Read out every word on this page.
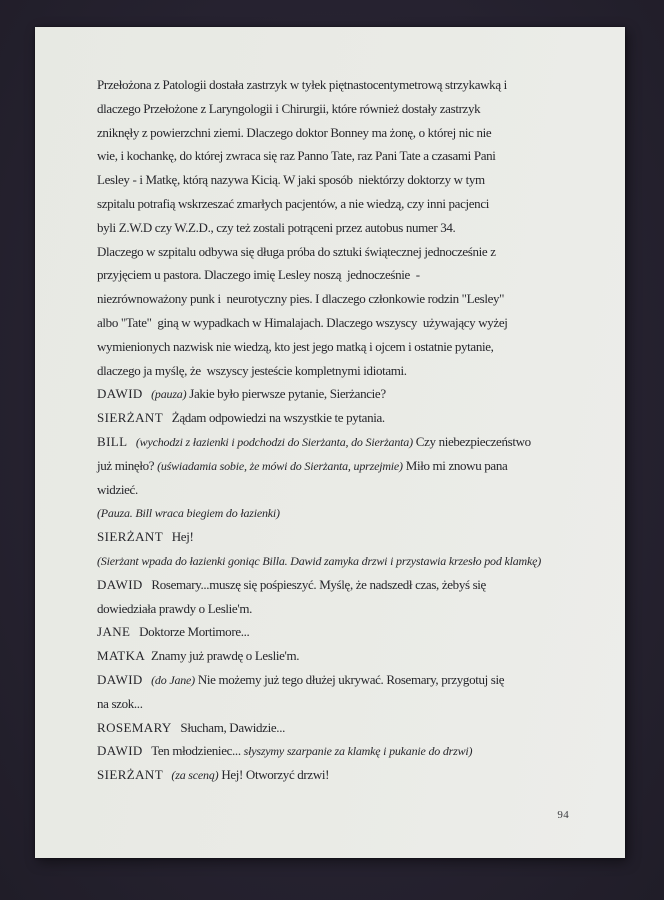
Przełożona z Patologii dostała zastrzyk w tyłek piętnastocentymetrową strzykawką i

dlaczego Przełożone z Laryngologii i Chirurgii, które również dostały zastrzyk

zniknęły z powierzchni ziemi. Dlaczego doktor Bonney ma żonę, o której nic nie

wie, i kochankę, do której zwraca się raz Panno Tate, raz Pani Tate a czasami Pani

Lesley - i Matkę, którą nazywa Kicią. W jaki sposób  niektórzy doktorzy w tym

szpitalu potrafią wskrzeszać zmarłych pacjentów, a nie wiedzą, czy inni pacjenci

byli Z.W.D czy W.Z.D., czy też zostali potrąceni przez autobus numer 34.

Dlaczego w szpitalu odbywa się długa próba do sztuki świątecznej jednocześnie z

przyjęciem u pastora. Dlaczego imię Lesley noszą  jednocześnie  -

niezrównoważony punk i  neurotyczny pies. I dlaczego członkowie rodzin "Lesley"

albo "Tate"  giną w wypadkach w Himalajach. Dlaczego wszyscy  używający wyżej

wymienionych nazwisk nie wiedzą, kto jest jego matką i ojcem i ostatnie pytanie,

dlaczego ja myślę, że  wszyscy jesteście kompletnymi idiotami.

DAWID   (pauza) Jakie było pierwsze pytanie, Sierżancie?

SIERŻANT   Żądam odpowiedzi na wszystkie te pytania.

BILL   (wychodzi z łazienki i podchodzi do Sierżanta, do Sierżanta) Czy niebezpieczeństwo

już minęło? (uświadamia sobie, że mówi do Sierżanta, uprzejmie) Miło mi znowu pana

widzieć.

(Pauza. Bill wraca biegiem do łazienki)

SIERŻANT   Hej!

(Sierżant wpada do łazienki goniąc Billa. Dawid zamyka drzwi i przystawia krzesło pod klamkę)

DAWID   Rosemary...muszę się pośpieszyć. Myślę, że nadszedł czas, żebyś się

dowiedziała prawdy o Leslie'm.

JANE   Doktorze Mortimore...

MATKA  Znamy już prawdę o Leslie'm.

DAWID   (do Jane) Nie możemy już tego dłużej ukrywać. Rosemary, przygotuj się

na szok...

ROSEMARY   Słucham, Dawidzie...

DAWID   Ten młodzieniec... słyszymy szarpanie za klamkę i pukanie do drzwi)

SIERŻANT   (za sceną) Hej! Otworzyć drzwi!

94
